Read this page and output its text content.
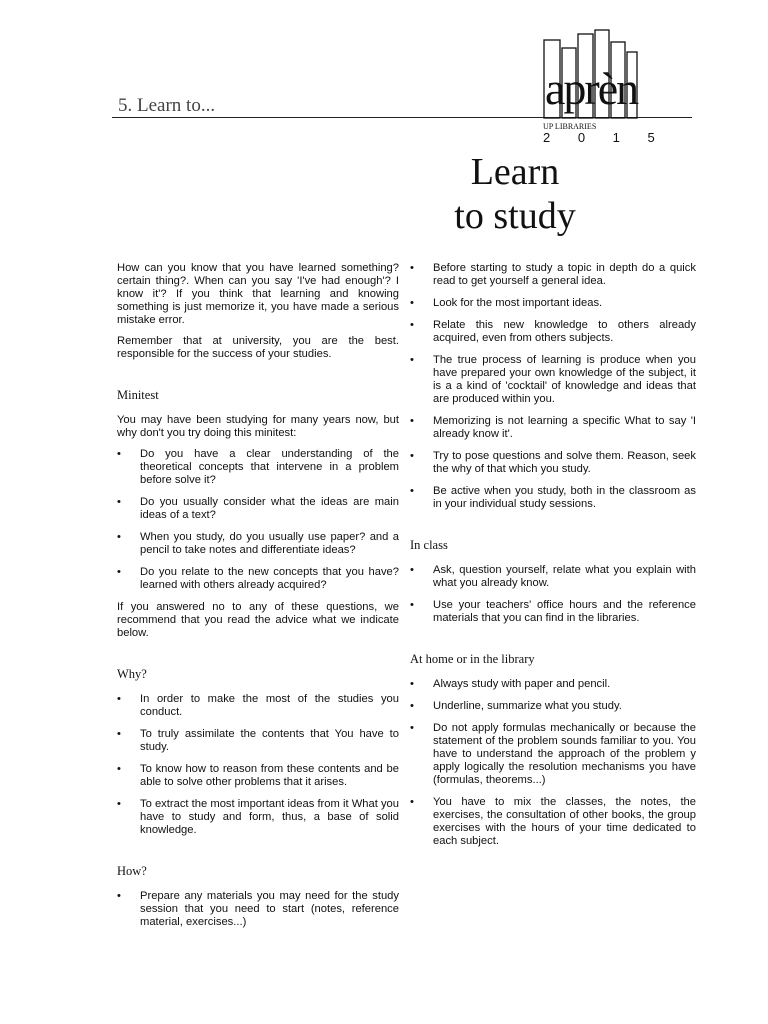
5. Learn to...	aprèn
UP LIBRARIES
2 0 1 5
Learn
to study

How can you know that you have learned something? certain thing?. When can you say 'I've had enough'? I know it'? If you think that learning and knowing something is just memorize it, you have made a serious mistake error.

Remember that at university, you are the best. responsible for the success of your studies.

Minitest

You may have been studying for many years now, but why don't you try doing this minitest:

• Do you have a clear understanding of the theoretical concepts that intervene in a problem before solve it?
• Do you usually consider what the ideas are main ideas of a text?
• When you study, do you usually use paper? and a pencil to take notes and differentiate ideas?
• Do you relate to the new concepts that you have? learned with others already acquired?

If you answered no to any of these questions, we recommend that you read the advice what we indicate below.

Why?
• In order to make the most of the studies you conduct.
• To truly assimilate the contents that You have to study.
• To know how to reason from these contents and be able to solve other problems that it arises.
• To extract the most important ideas from it What you have to study and form, thus, a base of solid knowledge.
How?
• Prepare any materials you may need for the study session that you need to start (notes, reference material, exercises...)
• Before starting to study a topic in depth do a quick read to get yourself a general idea.
• Look for the most important ideas.
• Relate this new knowledge to others already acquired, even from others subjects.
• The true process of learning is produce when you have prepared your own knowledge of the subject, it is a a kind of 'cocktail' of knowledge and ideas that are produced within you.
• Memorizing is not learning a specific What to say 'I already know it'.
• Try to pose questions and solve them. Reason, seek the why of that which you study.
• Be active when you study, both in the classroom as in your individual study sessions.
In class
• Ask, question yourself, relate what you explain with what you already know.
• Use your teachers' office hours and the reference materials that you can find in the libraries.
At home or in the library
• Always study with paper and pencil.
• Underline, summarize what you study.
• Do not apply formulas mechanically or because the statement of the problem sounds familiar to you. You have to understand the approach of the problem y apply logically the resolution mechanisms you have (formulas, theorems...)
• You have to mix the classes, the notes, the exercises, the consultation of other books, the group exercises with the hours of your time dedicated to each subject.
